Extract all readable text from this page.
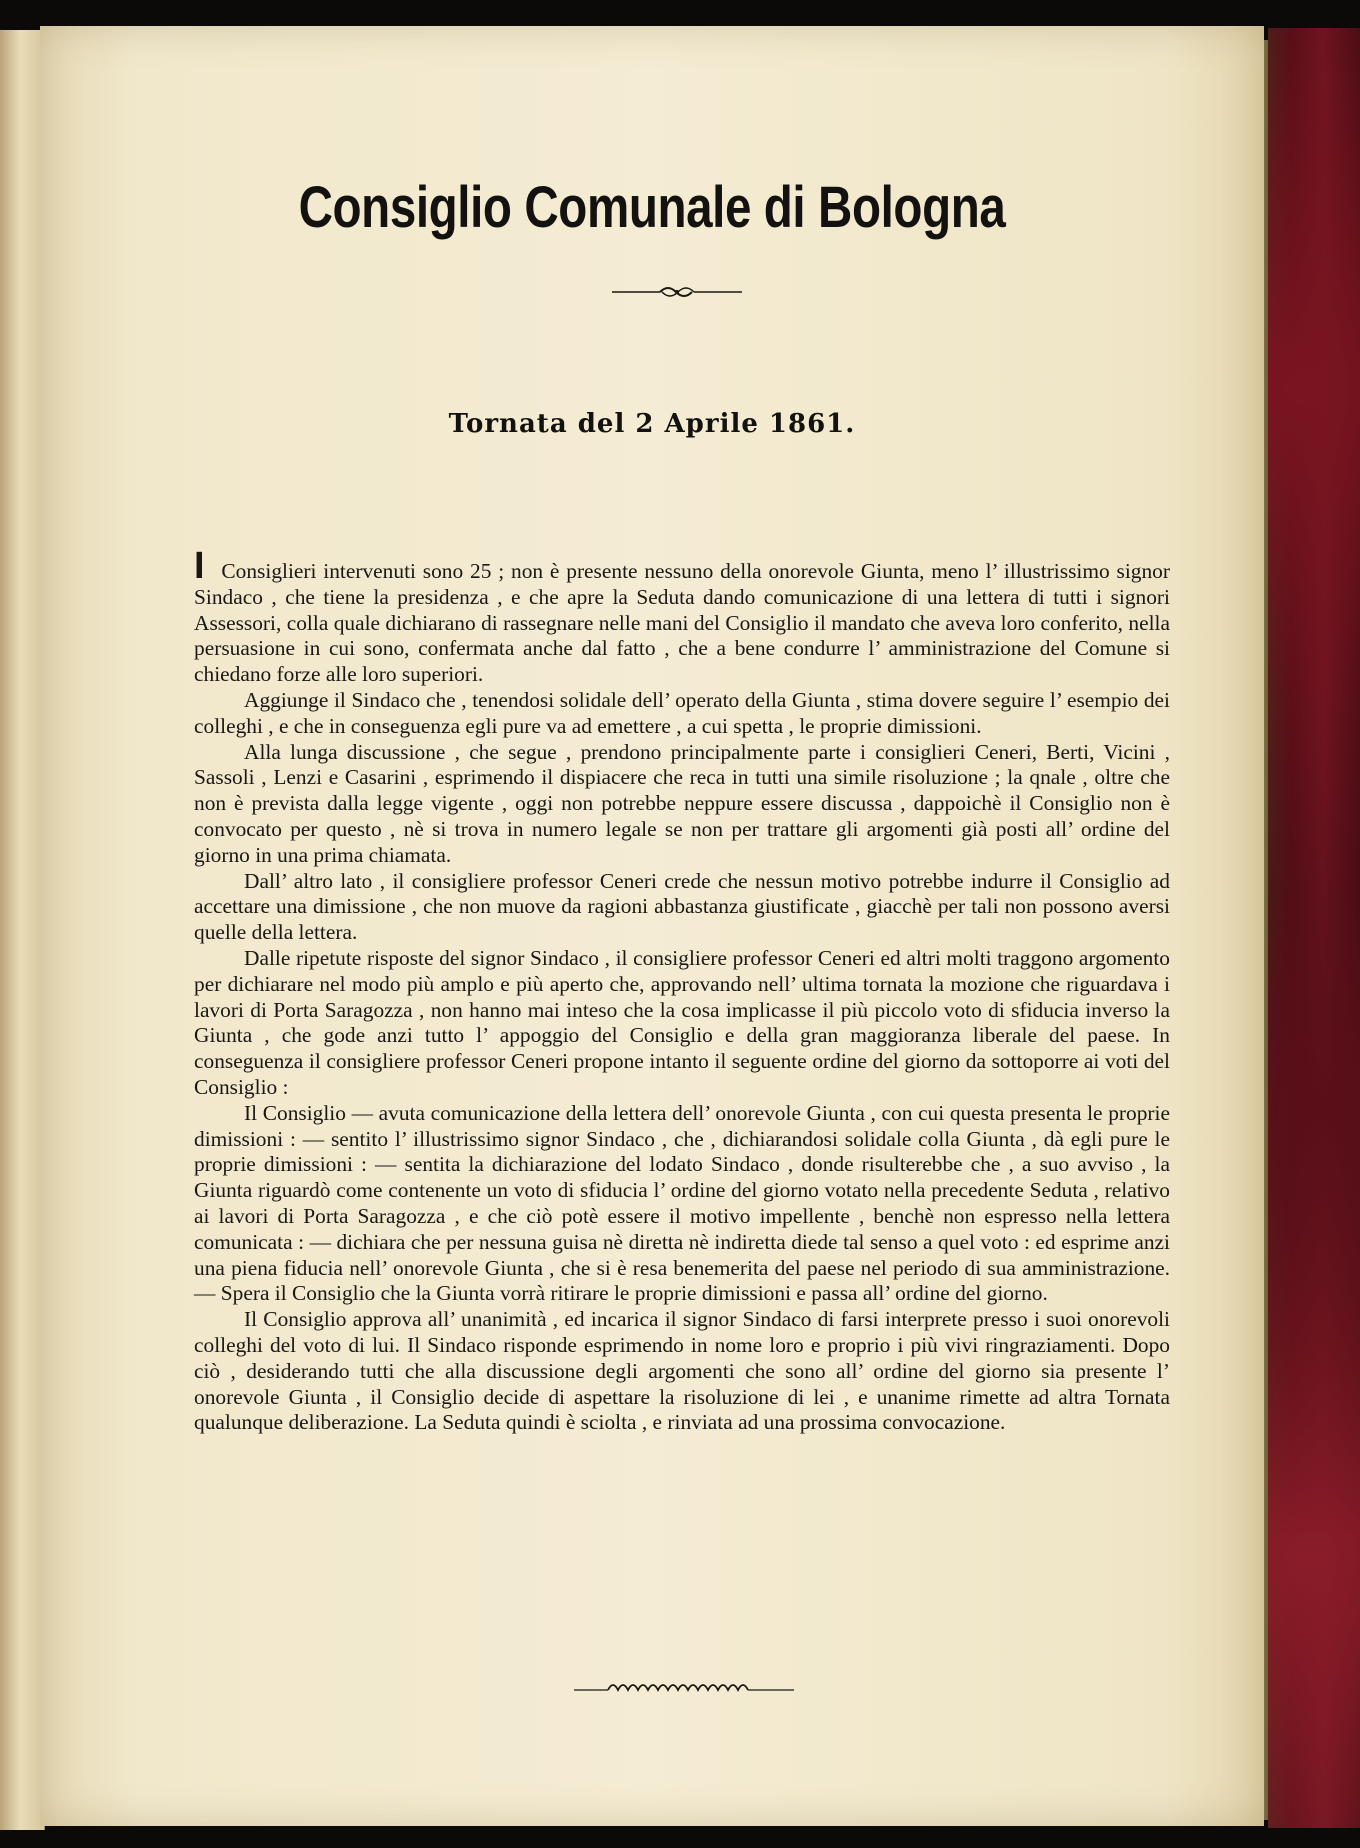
Consiglio Comunale di Bologna
Tornata del 2 Aprile 1861.

I Consiglieri intervenuti sono 25 ; non è presente nessuno della onorevole Giunta, meno l’ illustrissimo signor Sindaco , che tiene la presidenza , e che apre la Seduta dando comunicazione di una lettera di tutti i signori Assessori, colla quale dichiarano di rassegnare nelle mani del Consiglio il mandato che aveva loro conferito, nella persuasione in cui sono, confermata anche dal fatto , che a bene condurre l’ amministrazione del Comune si chiedano forze alle loro superiori.

Aggiunge il Sindaco che , tenendosi solidale dell’ operato della Giunta , stima dovere seguire l’ esempio dei colleghi , e che in conseguenza egli pure va ad emettere , a cui spetta , le proprie dimissioni.

Alla lunga discussione , che segue , prendono principalmente parte i consiglieri Ceneri, Berti, Vicini , Sassoli , Lenzi e Casarini , esprimendo il dispiacere che reca in tutti una simile risoluzione ; la qnale , oltre che non è prevista dalla legge vigente , oggi non potrebbe neppure essere discussa , dappoichè il Consiglio non è convocato per questo , nè si trova in numero legale se non per trattare gli argomenti già posti all’ ordine del giorno in una prima chiamata.

Dall’ altro lato , il consigliere professor Ceneri crede che nessun motivo potrebbe indurre il Consiglio ad accettare una dimissione , che non muove da ragioni abbastanza giustificate , giacchè per tali non possono aversi quelle della lettera.

Dalle ripetute risposte del signor Sindaco , il consigliere professor Ceneri ed altri molti traggono argomento per dichiarare nel modo più amplo e più aperto che, approvando nell’ ultima tornata la mozione che riguardava i lavori di Porta Saragozza , non hanno mai inteso che la cosa implicasse il più piccolo voto di sfiducia inverso la Giunta , che gode anzi tutto l’ appoggio del Consiglio e della gran maggioranza liberale del paese. In conseguenza il consigliere professor Ceneri propone intanto il seguente ordine del giorno da sottoporre ai voti del Consiglio :

Il Consiglio — avuta comunicazione della lettera dell’ onorevole Giunta , con cui questa presenta le proprie dimissioni : — sentito l’ illustrissimo signor Sindaco , che , dichiarandosi solidale colla Giunta , dà egli pure le proprie dimissioni : — sentita la dichiarazione del lodato Sindaco , donde risulterebbe che , a suo avviso , la Giunta riguardò come contenente un voto di sfiducia l’ ordine del giorno votato nella precedente Seduta , relativo ai lavori di Porta Saragozza , e che ciò potè essere il motivo impellente , benchè non espresso nella lettera comunicata : — dichiara che per nessuna guisa nè diretta nè indiretta diede tal senso a quel voto : ed esprime anzi una piena fiducia nell’ onorevole Giunta , che si è resa benemerita del paese nel periodo di sua amministrazione. — Spera il Consiglio che la Giunta vorrà ritirare le proprie dimissioni e passa all’ ordine del giorno.

Il Consiglio approva all’ unanimità , ed incarica il signor Sindaco di farsi interprete presso i suoi onorevoli colleghi del voto di lui. Il Sindaco risponde esprimendo in nome loro e proprio i più vivi ringraziamenti. Dopo ciò , desiderando tutti che alla discussione degli argomenti che sono all’ ordine del giorno sia presente l’ onorevole Giunta , il Consiglio decide di aspettare la risoluzione di lei , e unanime rimette ad altra Tornata qualunque deliberazione. La Seduta quindi è sciolta , e rinviata ad una prossima convocazione.
